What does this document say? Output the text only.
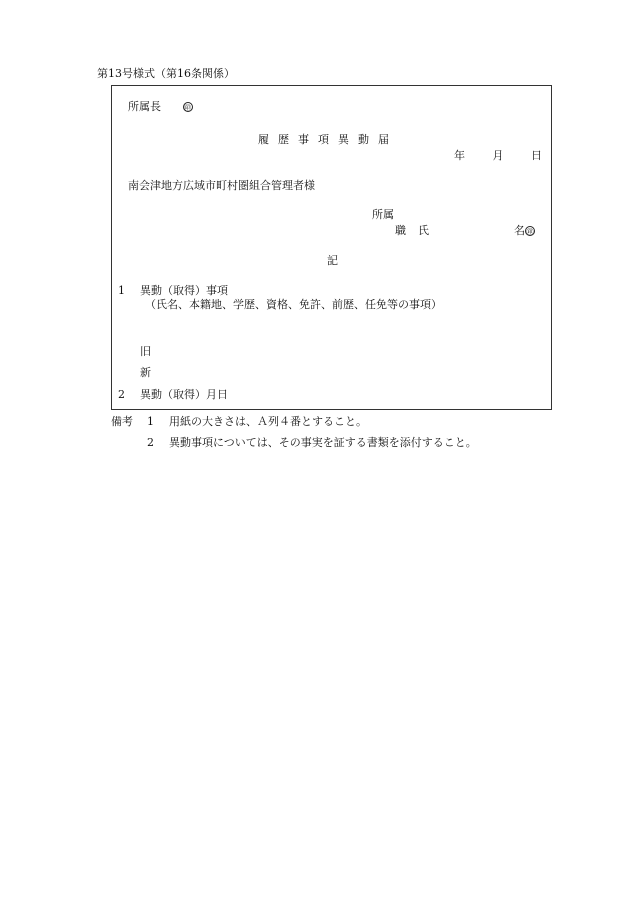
第13号様式（第16条関係）
所属長	㊞
履歴事項異動届
年	月	日
南会津地方広域市町村圏組合管理者様
所属
職 氏	名 ㊞
記
1 異動（取得）事項
（氏名、本籍地、学歴、資格、免許、前歴、任免等の事項）
旧
新
2 異動（取得）月日
備考 1 用紙の大きさは、Ａ列４番とすること。
2 異動事項については、その事実を証する書類を添付すること。
